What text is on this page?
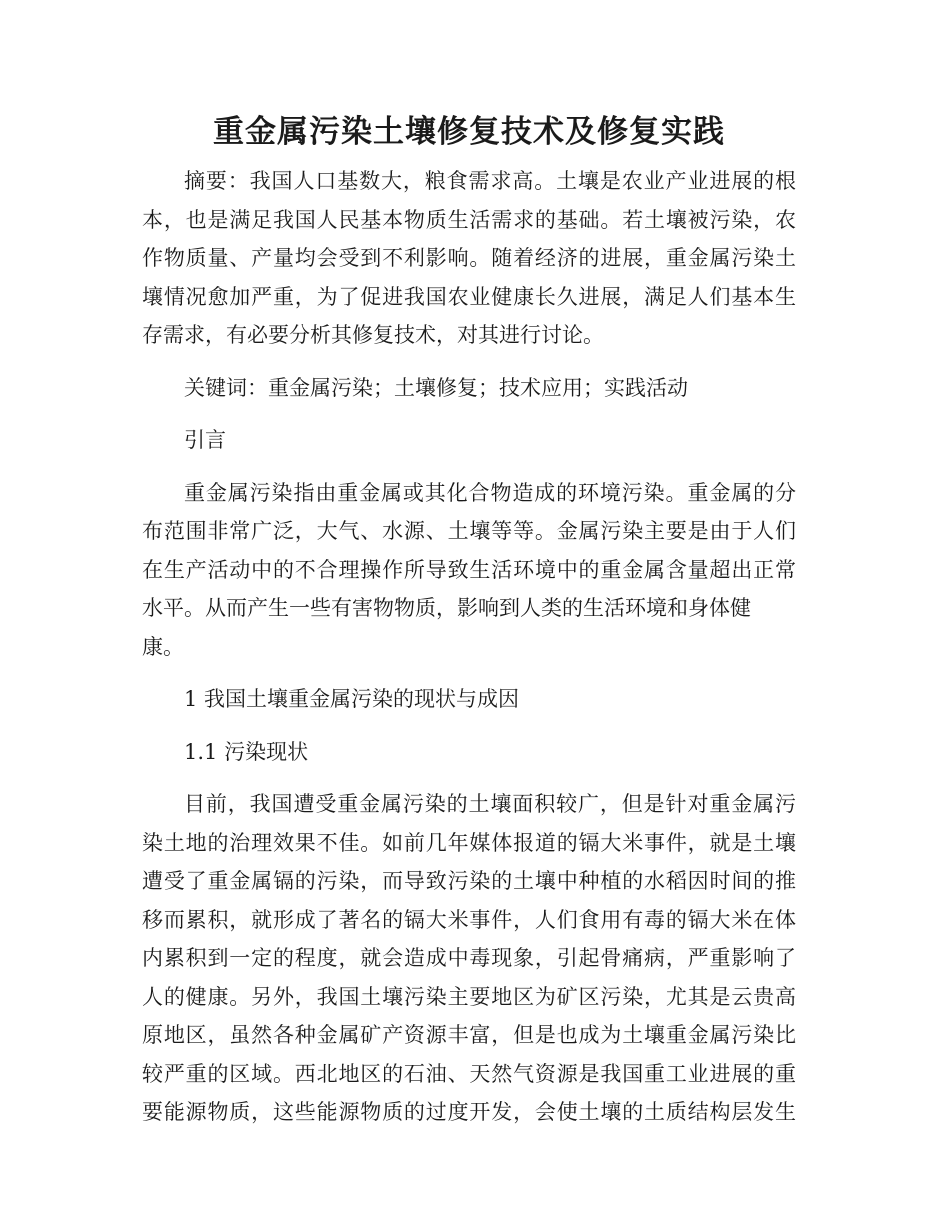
重金属污染土壤修复技术及修复实践
摘要：我国人口基数大，粮食需求高。土壤是农业产业进展的根
本，也是满足我国人民基本物质生活需求的基础。若土壤被污染，农
作物质量、产量均会受到不利影响。随着经济的进展，重金属污染土
壤情况愈加严重，为了促进我国农业健康长久进展，满足人们基本生
存需求，有必要分析其修复技术，对其进行讨论。
关键词：重金属污染；土壤修复；技术应用；实践活动
引言
重金属污染指由重金属或其化合物造成的环境污染。重金属的分
布范围非常广泛，大气、水源、土壤等等。金属污染主要是由于人们
在生产活动中的不合理操作所导致生活环境中的重金属含量超出正常
水平。从而产生一些有害物物质，影响到人类的生活环境和身体健
康。
1 我国土壤重金属污染的现状与成因
1.1 污染现状
目前，我国遭受重金属污染的土壤面积较广，但是针对重金属污
染土地的治理效果不佳。如前几年媒体报道的镉大米事件，就是土壤
遭受了重金属镉的污染，而导致污染的土壤中种植的水稻因时间的推
移而累积，就形成了著名的镉大米事件，人们食用有毒的镉大米在体
内累积到一定的程度，就会造成中毒现象，引起骨痛病，严重影响了
人的健康。另外，我国土壤污染主要地区为矿区污染，尤其是云贵高
原地区，虽然各种金属矿产资源丰富，但是也成为土壤重金属污染比
较严重的区域。西北地区的石油、天然气资源是我国重工业进展的重
要能源物质，这些能源物质的过度开发，会使土壤的土质结构层发生
